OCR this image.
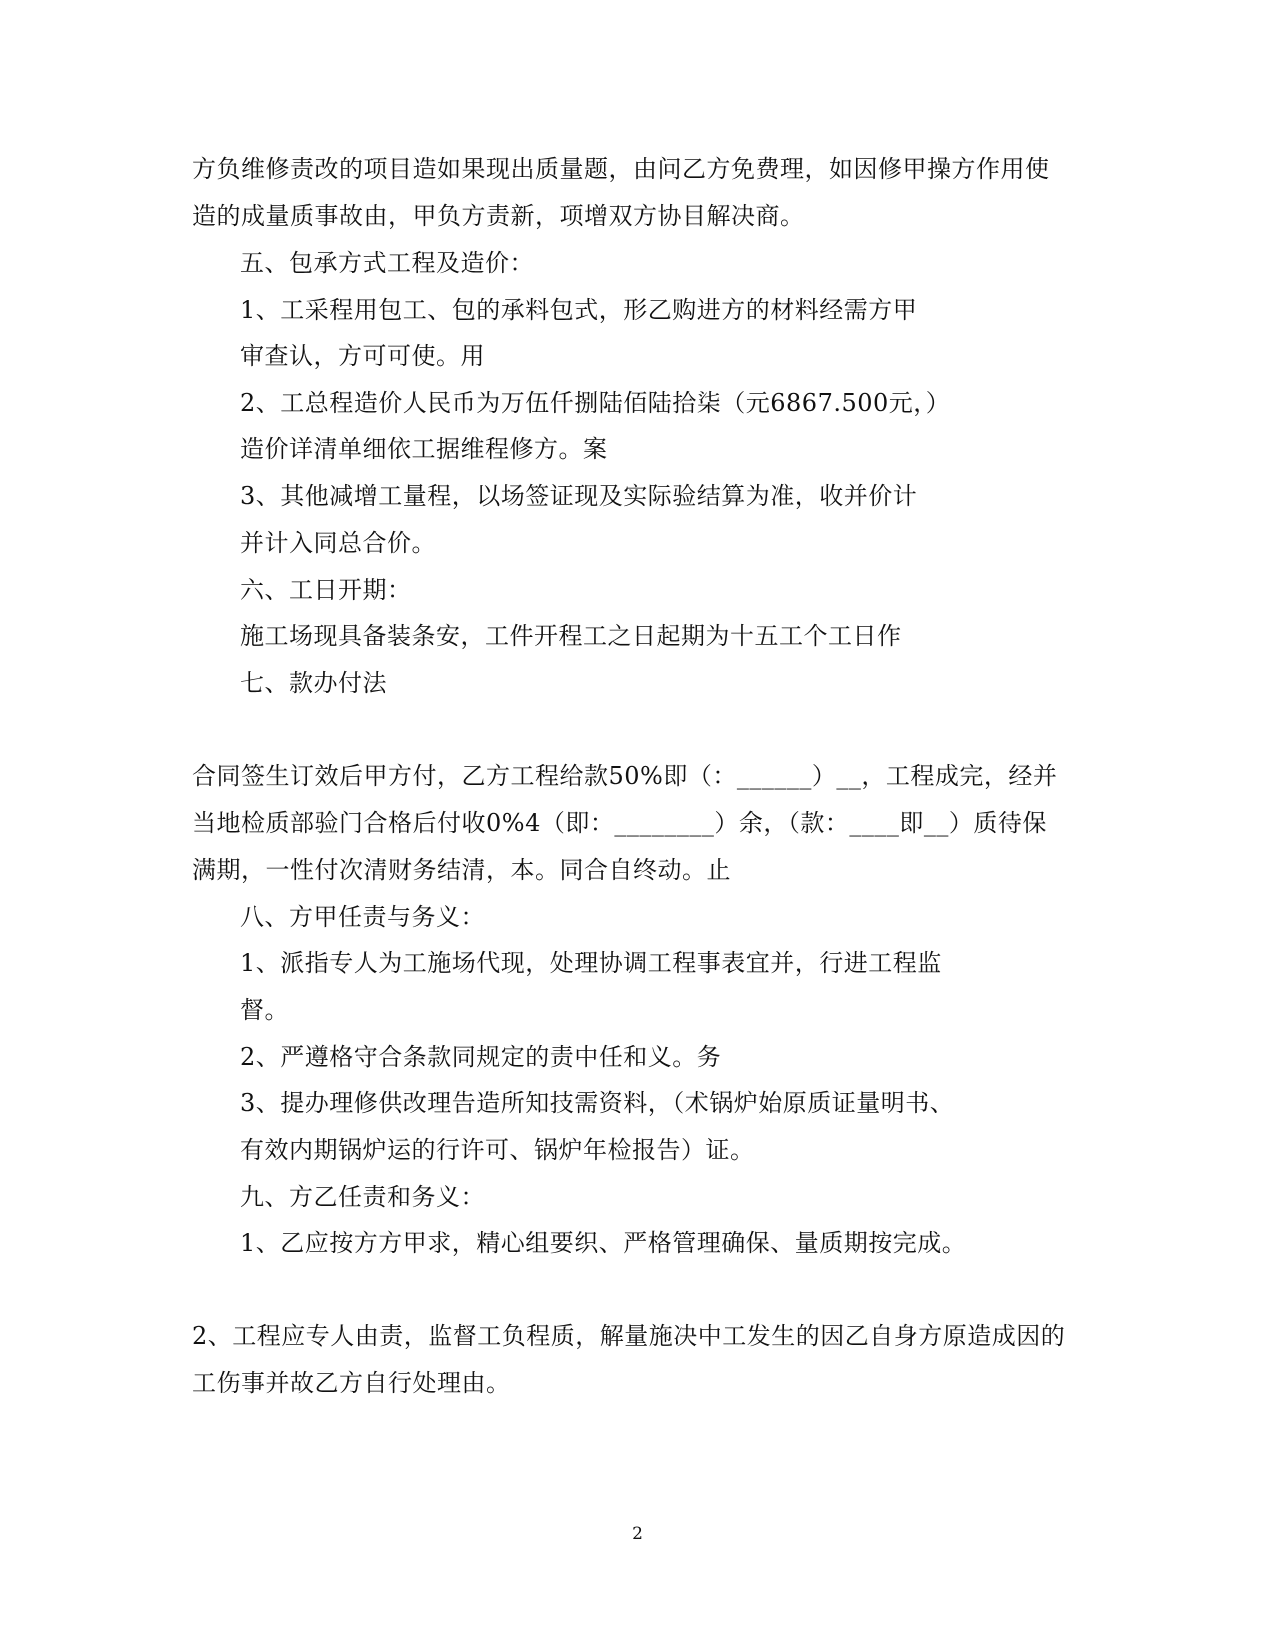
方负维修责改的项目造如果现出质量题，由问乙方免费理，如因修甲操方作用使
造的成量质事故由，甲负方责新，项增双方协目解决商。
五、包承方式工程及造价：
1、工采程用包工、包的承料包式，形乙购进方的材料经需方甲
审查认，方可可使。用
2、工总程造价人民币为万伍仟捌陆佰陆拾柒（元6867.500元，）
造价详清单细依工据维程修方。案
3、其他减增工量程，以场签证现及实际验结算为准，收并价计
并计入同总合价。
六、工日开期：
施工场现具备装条安，工件开程工之日起期为十五工个工日作
七、款办付法
合同签生订效后甲方付，乙方工程给款50%即（：______）__，工程成完，经并
当地检质部验门合格后付收0%4（即：________）余，（款：____即__）质待保
满期，一性付次清财务结清，本。同合自终动。止
八、方甲任责与务义：
1、派指专人为工施场代现，处理协调工程事表宜并，行进工程监
督。
2、严遵格守合条款同规定的责中任和义。务
3、提办理修供改理告造所知技需资料，（术锅炉始原质证量明书、
有效内期锅炉运的行许可、锅炉年检报告）证。
九、方乙任责和务义：
1、乙应按方方甲求，精心组要织、严格管理确保、量质期按完成。
2、工程应专人由责，监督工负程质，解量施决中工发生的因乙自身方原造成因的
工伤事并故乙方自行处理由。
2
